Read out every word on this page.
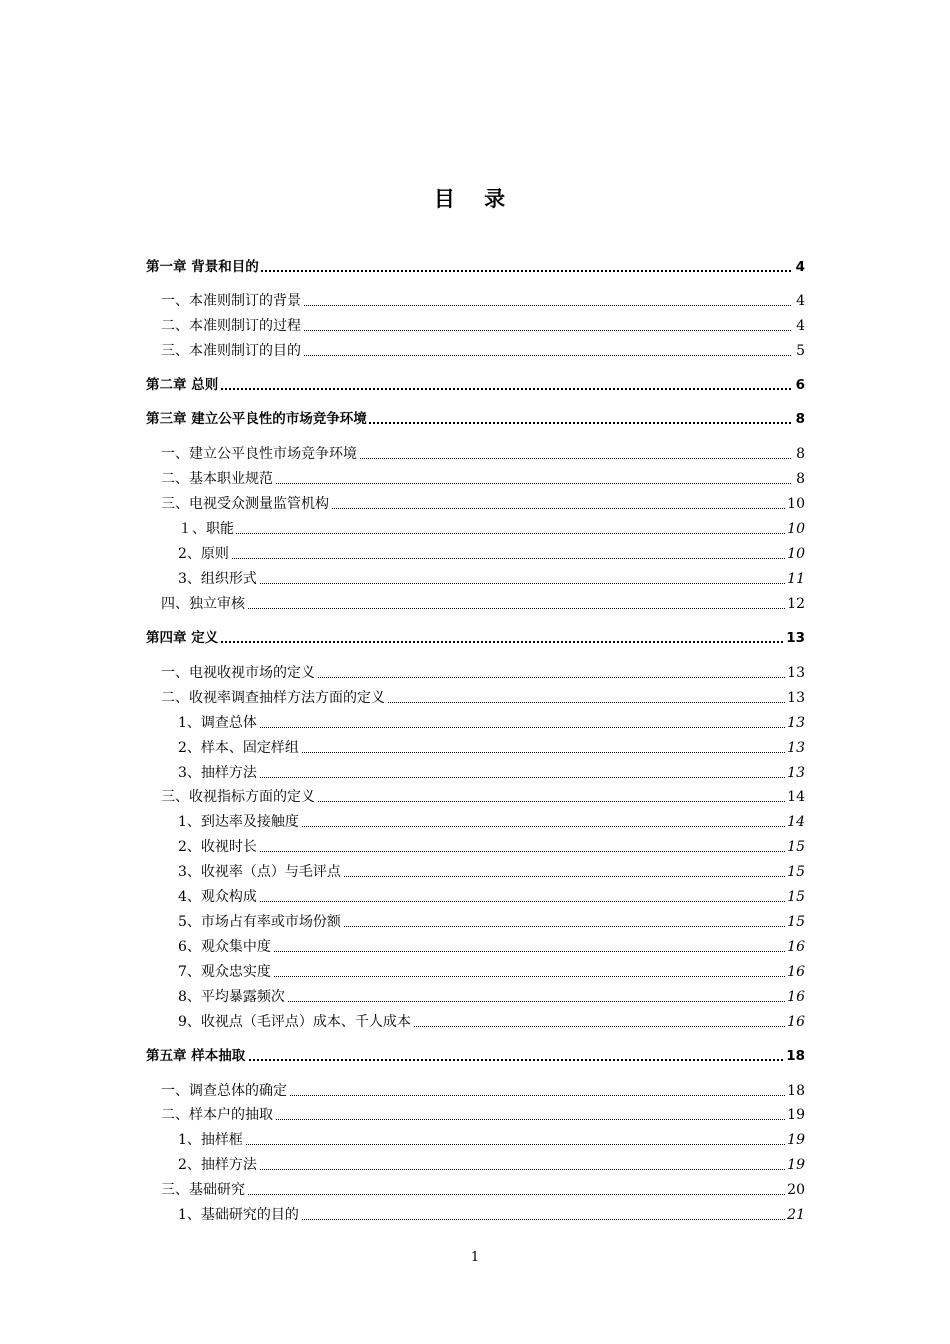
目 录
第一章 背景和目的	4
一、本准则制订的背景	4
二、本准则制订的过程	4
三、本准则制订的目的	5
第二章 总则	6
第三章 建立公平良性的市场竞争环境	8
一、建立公平良性市场竞争环境	8
二、基本职业规范	8
三、电视受众测量监管机构	10
１、职能	10
2、原则	10
3、组织形式	11
四、独立审核	12
第四章 定义	13
一、电视收视市场的定义	13
二、收视率调查抽样方法方面的定义	13
1、调查总体	13
2、样本、固定样组	13
3、抽样方法	13
三、收视指标方面的定义	14
1、到达率及接触度	14
2、收视时长	15
3、收视率（点）与毛评点	15
4、观众构成	15
5、市场占有率或市场份额	15
6、观众集中度	16
7、观众忠实度	16
8、平均暴露频次	16
9、收视点（毛评点）成本、千人成本	16
第五章 样本抽取	18
一、调查总体的确定	18
二、样本户的抽取	19
1、抽样框	19
2、抽样方法	19
三、基础研究	20
1、基础研究的目的	21
1
